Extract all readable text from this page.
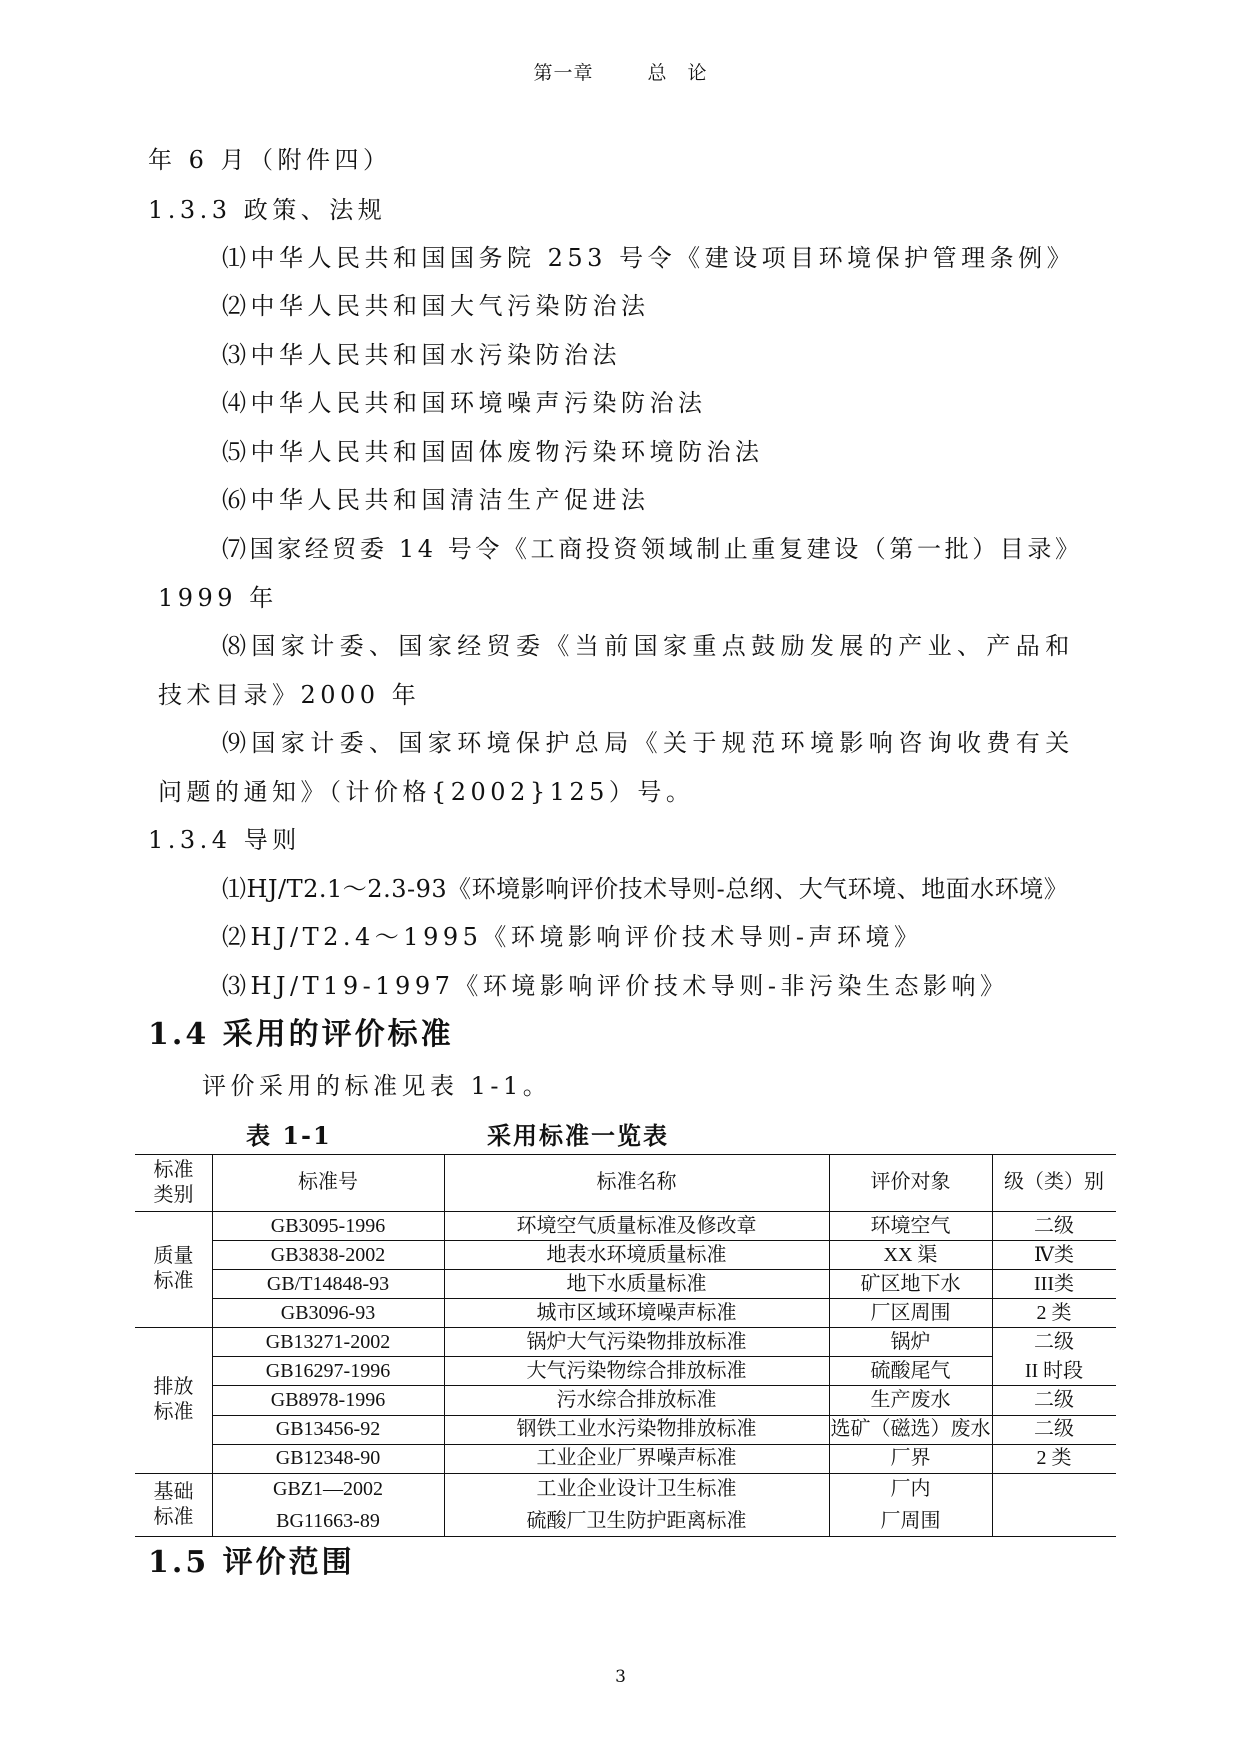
第一章	总　论
年 6 月（附件四）
1.3.3 政策、法规
⑴中华人民共和国国务院 253 号令《建设项目环境保护管理条例》
⑵中华人民共和国大气污染防治法
⑶中华人民共和国水污染防治法
⑷中华人民共和国环境噪声污染防治法
⑸中华人民共和国固体废物污染环境防治法
⑹中华人民共和国清洁生产促进法
⑺国家经贸委 14 号令《工商投资领域制止重复建设（第一批）目录》
1999 年
⑻国家计委、国家经贸委《当前国家重点鼓励发展的产业、产品和
技术目录》2000 年
⑼国家计委、国家环境保护总局《关于规范环境影响咨询收费有关
问题的通知》（计价格{2002}125）号。
1.3.4 导则
⑴HJ/T2.1～2.3-93《环境影响评价技术导则-总纲、大气环境、地面水环境》
⑵HJ/T2.4～1995《环境影响评价技术导则-声环境》
⑶HJ/T19-1997《环境影响评价技术导则-非污染生态影响》
1.4 采用的评价标准
评价采用的标准见表 1-1。
表 1-1	采用标准一览表
标准
类别
标准号	标准名称	评价对象	级（类）别
质量
标准
GB3095-1996	环境空气质量标准及修改章	环境空气	二级
GB3838-2002	地表水环境质量标准	XX 渠	Ⅳ类
GB/T14848-93	地下水质量标准	矿区地下水	III类
GB3096-93	城市区域环境噪声标准	厂区周围	2 类
排放
标准
GB13271-2002	锅炉大气污染物排放标准	锅炉	二级
GB16297-1996	大气污染物综合排放标准	硫酸尾气	II 时段
GB8978-1996	污水综合排放标准	生产废水	二级
GB13456-92	钢铁工业水污染物排放标准	选矿（磁选）废水	二级
GB12348-90	工业企业厂界噪声标准	厂界	2 类
基础
标准
GBZ1—2002	工业企业设计卫生标准	厂内
BG11663-89	硫酸厂卫生防护距离标准	厂周围
1.5 评价范围
3
